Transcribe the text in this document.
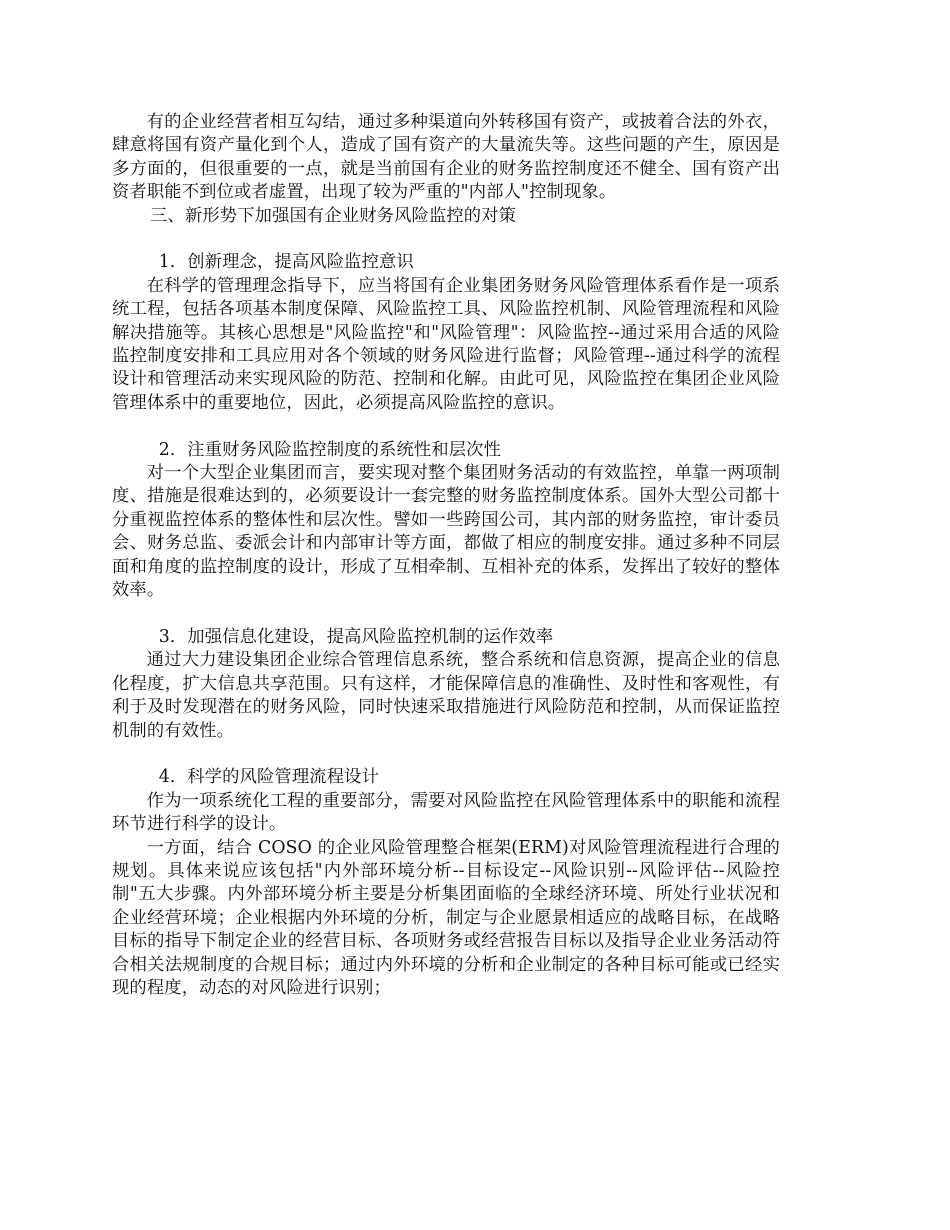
有的企业经营者相互勾结，通过多种渠道向外转移国有资产，或披着合法的外衣，肆意将国有资产量化到个人，造成了国有资产的大量流失等。这些问题的产生，原因是多方面的，但很重要的一点，就是当前国有企业的财务监控制度还不健全、国有资产出资者职能不到位或者虚置，出现了较为严重的"内部人"控制现象。

三、新形势下加强国有企业财务风险监控的对策

1．创新理念，提高风险监控意识

在科学的管理理念指导下，应当将国有企业集团务财务风险管理体系看作是一项系统工程，包括各项基本制度保障、风险监控工具、风险监控机制、风险管理流程和风险解决措施等。其核心思想是"风险监控"和"风险管理"：风险监控--通过采用合适的风险监控制度安排和工具应用对各个领域的财务风险进行监督；风险管理--通过科学的流程设计和管理活动来实现风险的防范、控制和化解。由此可见，风险监控在集团企业风险管理体系中的重要地位，因此，必须提高风险监控的意识。

2．注重财务风险监控制度的系统性和层次性

对一个大型企业集团而言，要实现对整个集团财务活动的有效监控，单靠一两项制度、措施是很难达到的，必须要设计一套完整的财务监控制度体系。国外大型公司都十分重视监控体系的整体性和层次性。譬如一些跨国公司，其内部的财务监控，审计委员会、财务总监、委派会计和内部审计等方面，都做了相应的制度安排。通过多种不同层面和角度的监控制度的设计，形成了互相牵制、互相补充的体系，发挥出了较好的整体效率。

3．加强信息化建设，提高风险监控机制的运作效率

通过大力建设集团企业综合管理信息系统，整合系统和信息资源，提高企业的信息化程度，扩大信息共享范围。只有这样，才能保障信息的准确性、及时性和客观性，有利于及时发现潜在的财务风险，同时快速采取措施进行风险防范和控制，从而保证监控机制的有效性。

4．科学的风险管理流程设计

作为一项系统化工程的重要部分，需要对风险监控在风险管理体系中的职能和流程环节进行科学的设计。

一方面，结合 COSO 的企业风险管理整合框架(ERM)对风险管理流程进行合理的规划。具体来说应该包括"内外部环境分析--目标设定--风险识别--风险评估--风险控制"五大步骤。内外部环境分析主要是分析集团面临的全球经济环境、所处行业状况和企业经营环境；企业根据内外环境的分析，制定与企业愿景相适应的战略目标，在战略目标的指导下制定企业的经营目标、各项财务或经营报告目标以及指导企业业务活动符合相关法规制度的合规目标；通过内外环境的分析和企业制定的各种目标可能或已经实现的程度，动态的对风险进行识别；
